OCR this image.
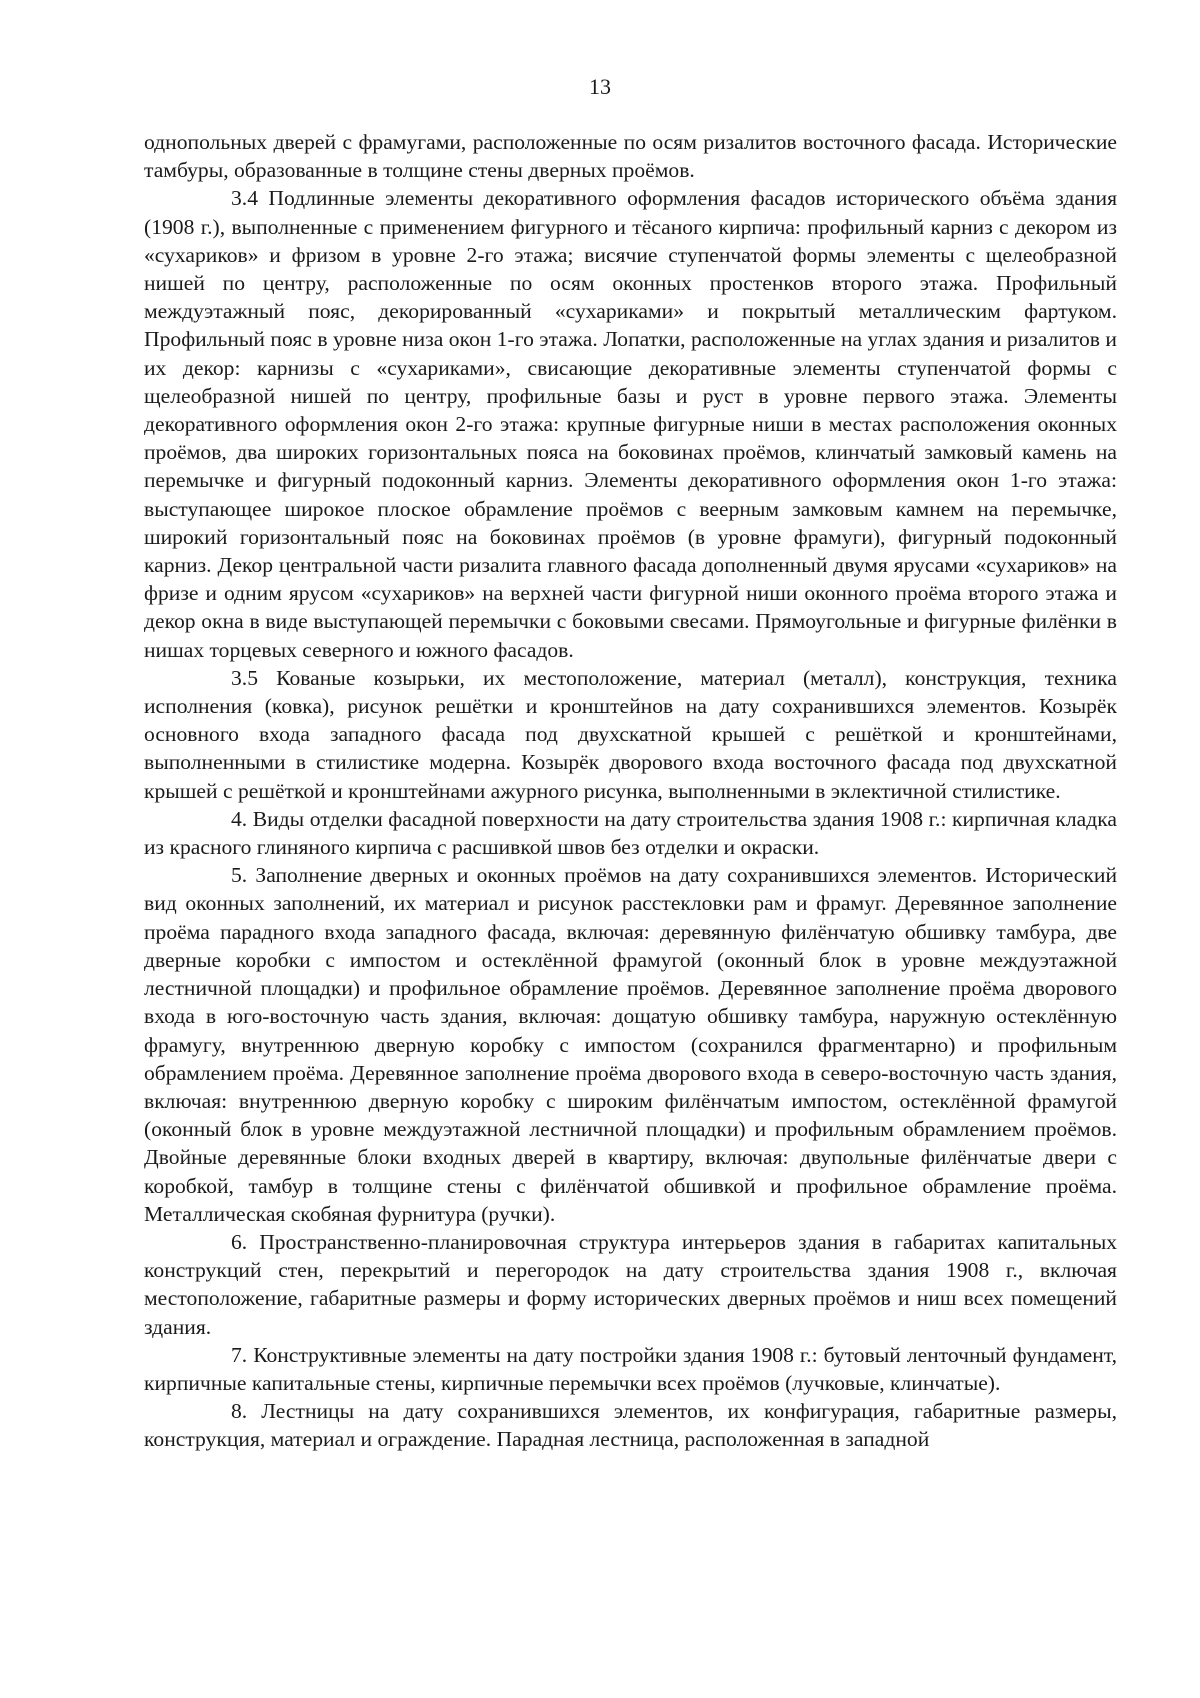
13

однопольных дверей с фрамугами, расположенные по осям ризалитов восточного фасада. Исторические тамбуры, образованные в толщине стены дверных проёмов.

3.4 Подлинные элементы декоративного оформления фасадов исторического объёма здания (1908 г.), выполненные с применением фигурного и тёсаного кирпича: профильный карниз с декором из «сухариков» и фризом в уровне 2-го этажа; висячие ступенчатой формы элементы с щелеобразной нишей по центру, расположенные по осям оконных простенков второго этажа. Профильный междуэтажный пояс, декорированный «сухариками» и покрытый металлическим фартуком. Профильный пояс в уровне низа окон 1-го этажа. Лопатки, расположенные на углах здания и ризалитов и их декор: карнизы с «сухариками», свисающие декоративные элементы ступенчатой формы с щелеобразной нишей по центру, профильные базы и руст в уровне первого этажа. Элементы декоративного оформления окон 2-го этажа: крупные фигурные ниши в местах расположения оконных проёмов, два широких горизонтальных пояса на боковинах проёмов, клинчатый замковый камень на перемычке и фигурный подоконный карниз. Элементы декоративного оформления окон 1-го этажа: выступающее широкое плоское обрамление проёмов с веерным замковым камнем на перемычке, широкий горизонтальный пояс на боковинах проёмов (в уровне фрамуги), фигурный подоконный карниз. Декор центральной части ризалита главного фасада дополненный двумя ярусами «сухариков» на фризе и одним ярусом «сухариков» на верхней части фигурной ниши оконного проёма второго этажа и декор окна в виде выступающей перемычки с боковыми свесами. Прямоугольные и фигурные филёнки в нишах торцевых северного и южного фасадов.

3.5 Кованые козырьки, их местоположение, материал (металл), конструкция, техника исполнения (ковка), рисунок решётки и кронштейнов на дату сохранившихся элементов. Козырёк основного входа западного фасада под двухскатной крышей с решёткой и кронштейнами, выполненными в стилистике модерна. Козырёк дворового входа восточного фасада под двухскатной крышей с решёткой и кронштейнами ажурного рисунка, выполненными в эклектичной стилистике.

4. Виды отделки фасадной поверхности на дату строительства здания 1908 г.: кирпичная кладка из красного глиняного кирпича с расшивкой швов без отделки и окраски.

5. Заполнение дверных и оконных проёмов на дату сохранившихся элементов. Исторический вид оконных заполнений, их материал и рисунок расстекловки рам и фрамуг. Деревянное заполнение проёма парадного входа западного фасада, включая: деревянную филёнчатую обшивку тамбура, две дверные коробки с импостом и остеклённой фрамугой (оконный блок в уровне междуэтажной лестничной площадки) и профильное обрамление проёмов. Деревянное заполнение проёма дворового входа в юго-восточную часть здания, включая: дощатую обшивку тамбура, наружную остеклённую фрамугу, внутреннюю дверную коробку с импостом (сохранился фрагментарно) и профильным обрамлением проёма. Деревянное заполнение проёма дворового входа в северо-восточную часть здания, включая: внутреннюю дверную коробку с широким филёнчатым импостом, остеклённой фрамугой (оконный блок в уровне междуэтажной лестничной площадки) и профильным обрамлением проёмов. Двойные деревянные блоки входных дверей в квартиру, включая: двупольные филёнчатые двери с коробкой, тамбур в толщине стены с филёнчатой обшивкой и профильное обрамление проёма. Металлическая скобяная фурнитура (ручки).

6. Пространственно-планировочная структура интерьеров здания в габаритах капитальных конструкций стен, перекрытий и перегородок на дату строительства здания 1908 г., включая местоположение, габаритные размеры и форму исторических дверных проёмов и ниш всех помещений здания.

7. Конструктивные элементы на дату постройки здания 1908 г.: бутовый ленточный фундамент, кирпичные капитальные стены, кирпичные перемычки всех проёмов (лучковые, клинчатые).

8. Лестницы на дату сохранившихся элементов, их конфигурация, габаритные размеры, конструкция, материал и ограждение. Парадная лестница, расположенная в западной
